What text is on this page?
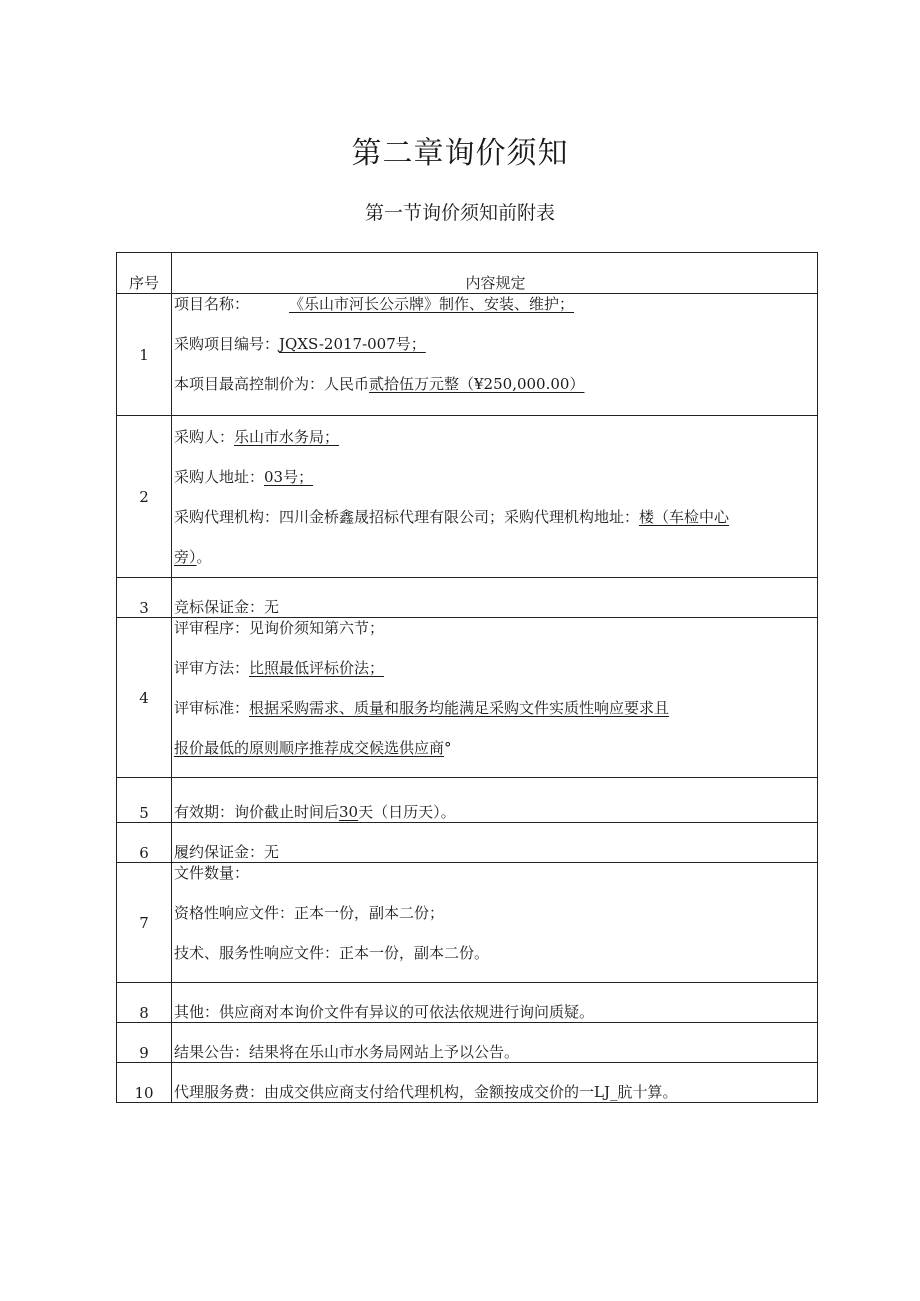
第二章询价须知
第一节询价须知前附表
序号	内容规定
1	项目名称： 《乐山市河长公示牌》制作、安装、维护；
采购项目编号：JQXS-2017-007号；
本项目最高控制价为：人民币贰拾伍万元整（¥250,000.00）

2	采购人：乐山市水务局；
采购人地址：03号；
采购代理机构：四川金桥鑫晟招标代理有限公司；采购代理机构地址：楼（车检中心
旁）。

3	竞标保证金：无

4	评审程序：见询价须知第六节；
评审方法：比照最低评标价法；
评审标准：根据采购需求、质量和服务均能满足采购文件实质性响应要求且
报价最低的原则顺序推荐成交候选供应商°

5	有效期：询价截止时间后30天（日历天）。

6	履约保证金：无

7	文件数量：
资格性响应文件：正本一份，副本二份；
技术、服务性响应文件：正本一份，副本二份。

8	其他：供应商对本询价文件有异议的可依法依规进行询问质疑。

9	结果公告：结果将在乐山市水务局网站上予以公告。

10	代理服务费：由成交供应商支付给代理机构，金额按成交价的一LJ_肮十算。
